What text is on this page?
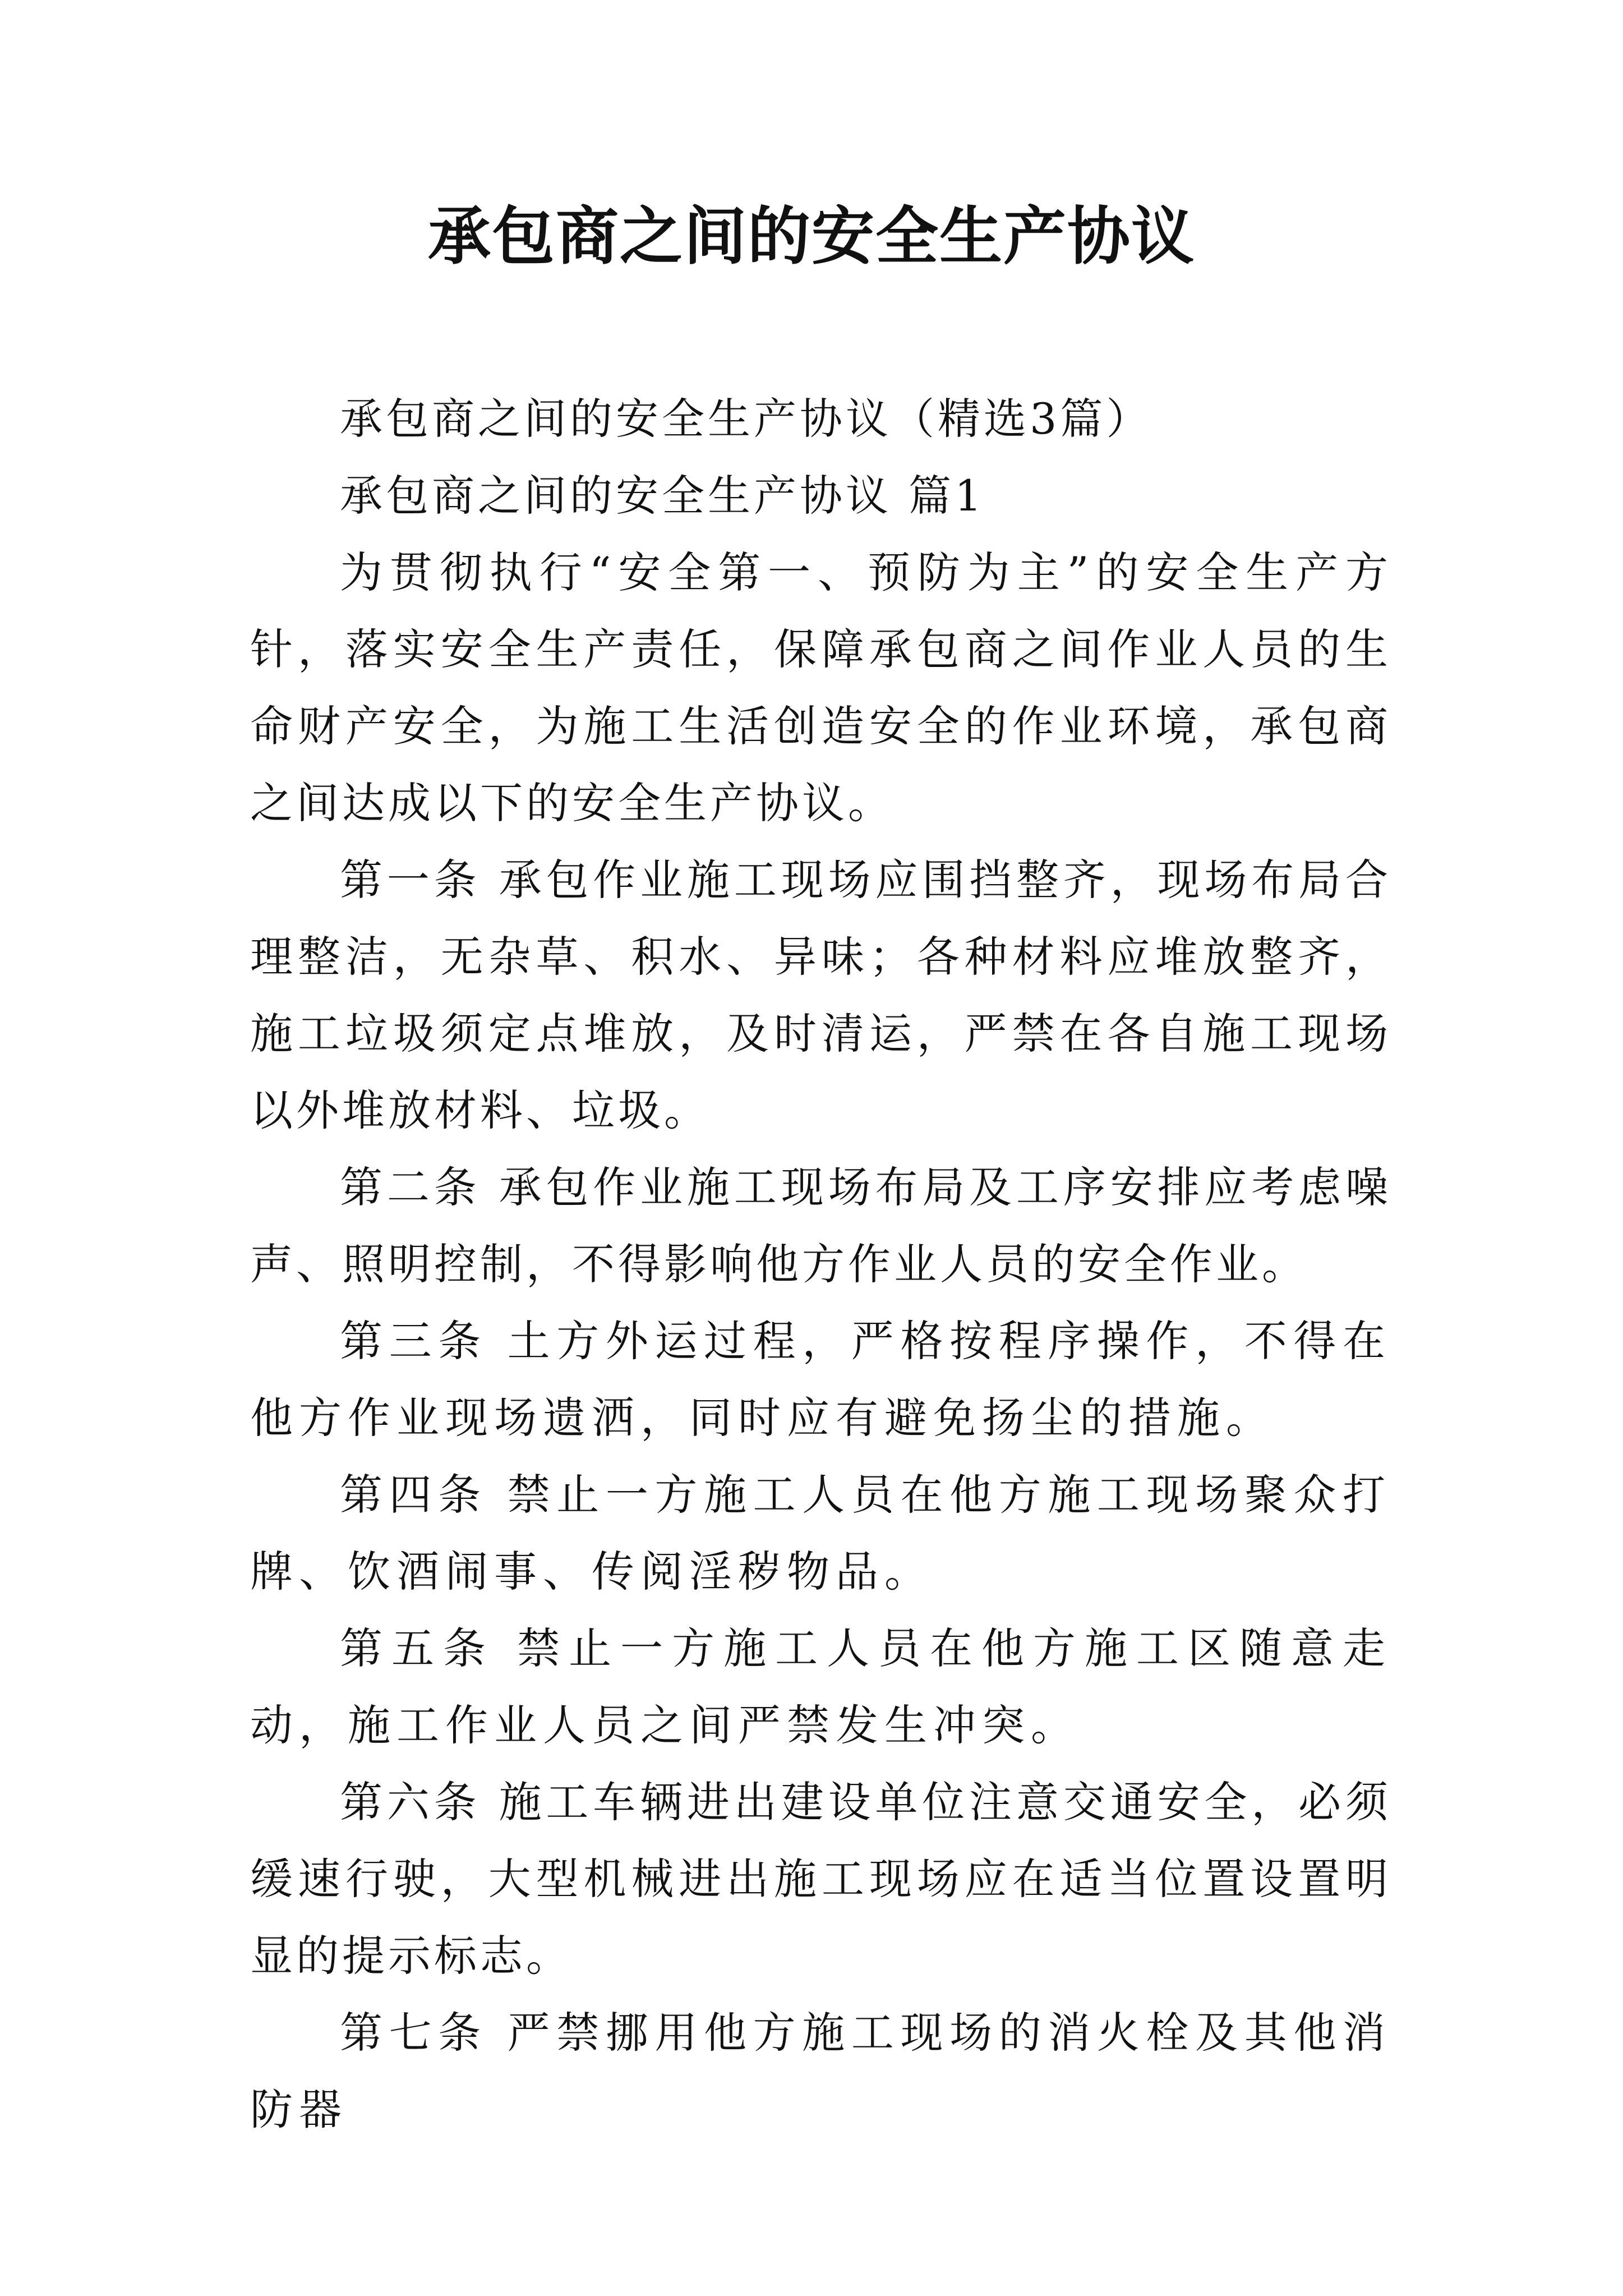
承包商之间的安全生产协议

承包商之间的安全生产协议（精选3篇）

承包商之间的安全生产协议 篇1

为贯彻执行“安全第一、预防为主”的安全生产方针，落实安全生产责任，保障承包商之间作业人员的生命财产安全，为施工生活创造安全的作业环境，承包商之间达成以下的安全生产协议。

第一条 承包作业施工现场应围挡整齐，现场布局合理整洁，无杂草、积水、异味；各种材料应堆放整齐，施工垃圾须定点堆放，及时清运，严禁在各自施工现场以外堆放材料、垃圾。

第二条 承包作业施工现场布局及工序安排应考虑噪声、照明控制，不得影响他方作业人员的安全作业。

第三条 土方外运过程，严格按程序操作，不得在他方作业现场遗洒，同时应有避免扬尘的措施。

第四条 禁止一方施工人员在他方施工现场聚众打牌、饮酒闹事、传阅淫秽物品。

第五条 禁止一方施工人员在他方施工区随意走动，施工作业人员之间严禁发生冲突。

第六条 施工车辆进出建设单位注意交通安全，必须缓速行驶，大型机械进出施工现场应在适当位置设置明显的提示标志。

第七条 严禁挪用他方施工现场的消火栓及其他消防器
